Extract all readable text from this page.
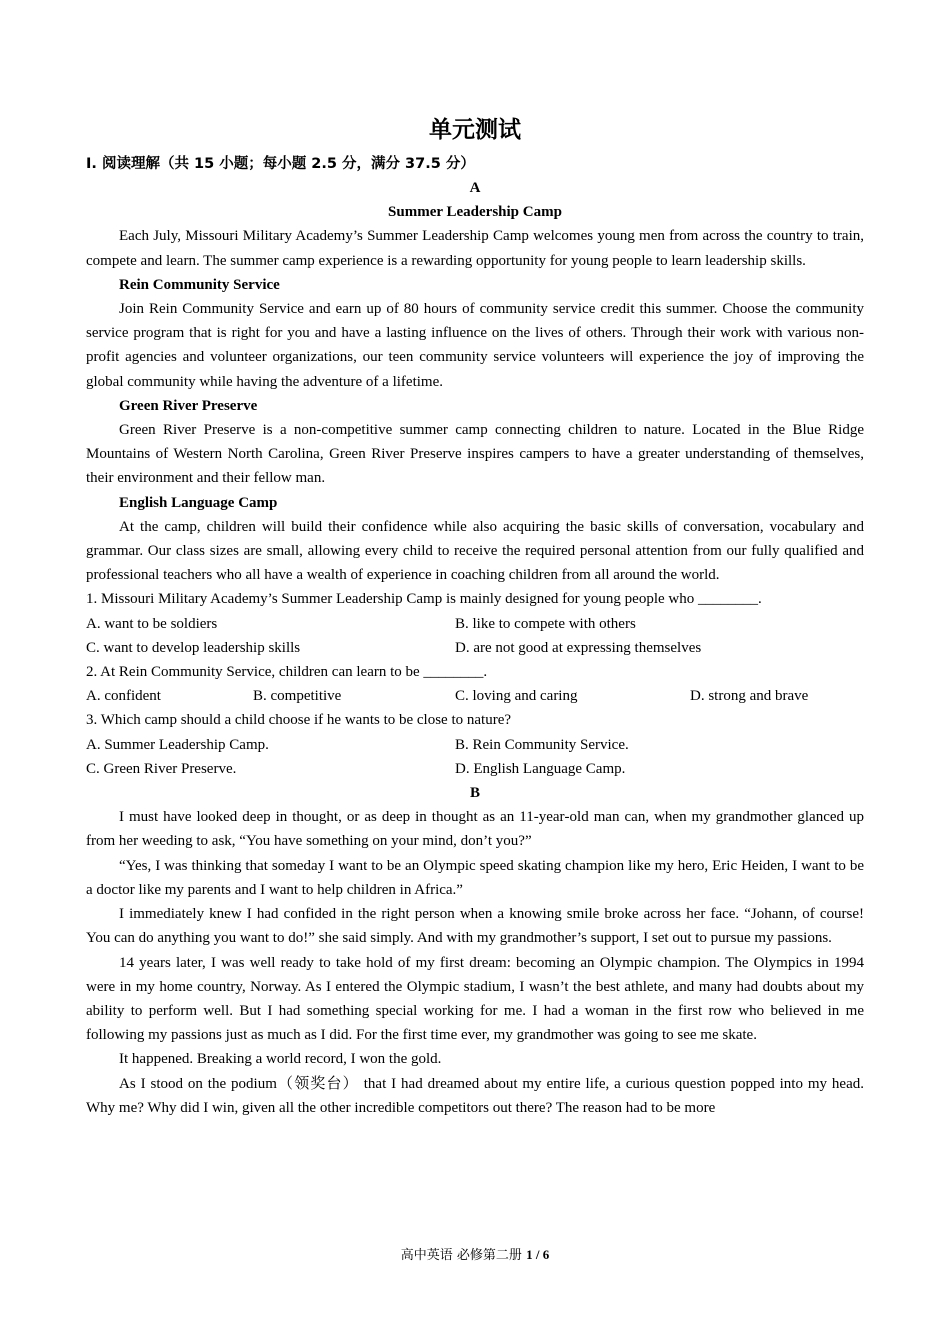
单元测试
Ⅰ. 阅读理解（共 15 小题；每小题 2.5 分，满分 37.5 分）
A
Summer Leadership Camp
Each July, Missouri Military Academy’s Summer Leadership Camp welcomes young men from across the country to train, compete and learn. The summer camp experience is a rewarding opportunity for young people to learn leadership skills.
Rein Community Service
Join Rein Community Service and earn up of 80 hours of community service credit this summer. Choose the community service program that is right for you and have a lasting influence on the lives of others. Through their work with various non-profit agencies and volunteer organizations, our teen community service volunteers will experience the joy of improving the global community while having the adventure of a lifetime.
Green River Preserve
Green River Preserve is a non‑competitive summer camp connecting children to nature. Located in the Blue Ridge Mountains of Western North Carolina, Green River Preserve inspires campers to have a greater understanding of themselves, their environment and their fellow man.
English Language Camp
At the camp, children will build their confidence while also acquiring the basic skills of conversation, vocabulary and grammar. Our class sizes are small, allowing every child to receive the required personal attention from our fully qualified and professional teachers who all have a wealth of experience in coaching children from all around the world.
1. Missouri Military Academy’s Summer Leadership Camp is mainly designed for young people who ________.
A. want to be soldiers	B. like to compete with others
C. want to develop leadership skills	D. are not good at expressing themselves
2. At Rein Community Service, children can learn to be ________.
A. confident	B. competitive	C. loving and caring	D. strong and brave
3. Which camp should a child choose if he wants to be close to nature?
A. Summer Leadership Camp.	B. Rein Community Service.
C. Green River Preserve.	D. English Language Camp.
B
I must have looked deep in thought, or as deep in thought as an 11‑year‑old man can, when my grandmother glanced up from her weeding to ask, “You have something on your mind, don’t you?”
“Yes, I was thinking that someday I want to be an Olympic speed skating champion like my hero, Eric Heiden, I want to be a doctor like my parents and I want to help children in Africa.”
I immediately knew I had confided in the right person when a knowing smile broke across her face. “Johann, of course! You can do anything you want to do!” she said simply. And with my grandmother’s support, I set out to pursue my passions.
14 years later, I was well ready to take hold of my first dream: becoming an Olympic champion. The Olympics in 1994 were in my home country, Norway. As I entered the Olympic stadium, I wasn’t the best athlete, and many had doubts about my ability to perform well. But I had something special working for me. I had a woman in the first row who believed in me following my passions just as much as I did. For the first time ever, my grandmother was going to see me skate.
It happened. Breaking a world record, I won the gold.
As I stood on the podium（领奖台） that I had dreamed about my entire life, a curious question popped into my head. Why me? Why did I win, given all the other incredible competitors out there? The reason had to be more
高中英语 必修第二册 1 / 6
